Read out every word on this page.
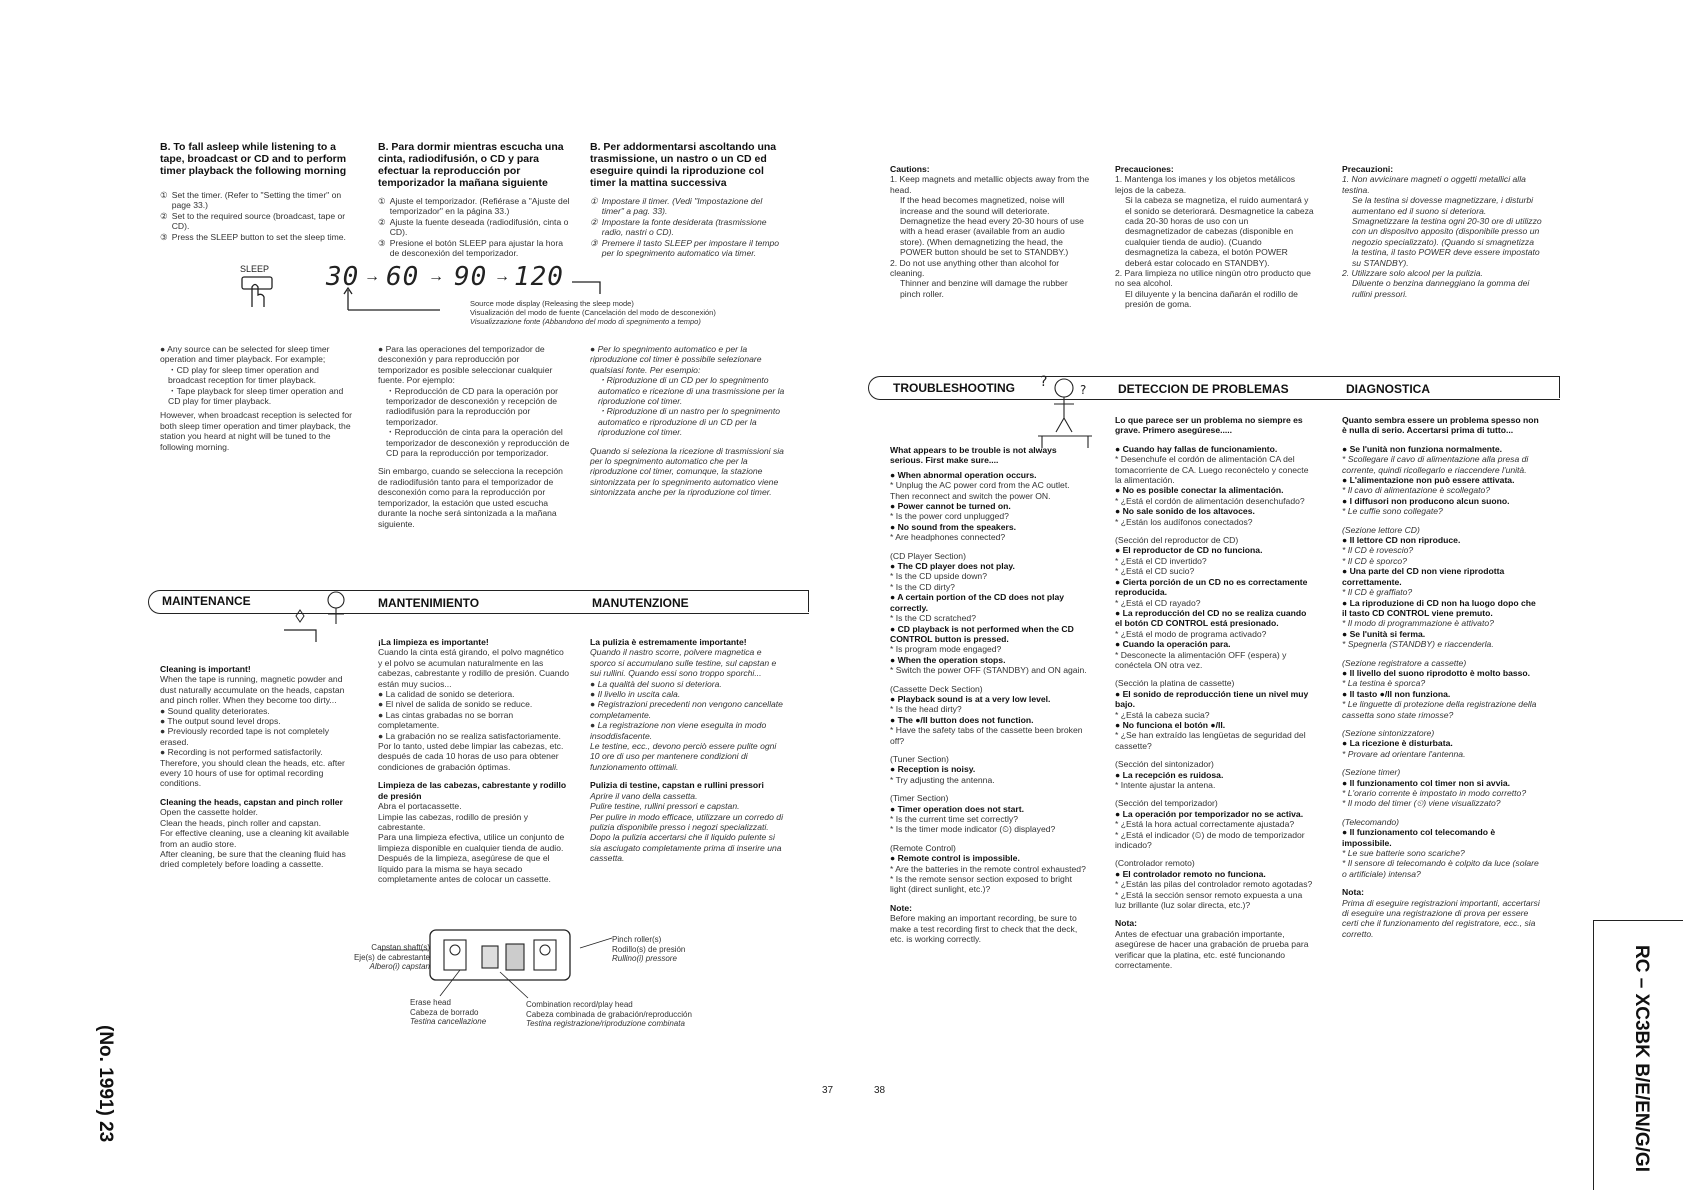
B. To fall asleep while listening to a tape, broadcast or CD and to perform timer playback the following morning
B. Para dormir mientras escucha una cinta, radiodifusión, o CD y para efectuar la reproducción por temporizador la mañana siguiente
B. Per addormentarsi ascoltando una trasmissione, un nastro o un CD ed eseguire quindi la riproduzione col timer la mattina successiva
① Set the timer. (Refer to "Setting the timer" on page 33.)
② Set to the required source (broadcast, tape or CD).
③ Press the SLEEP button to set the sleep time.
① Ajuste el temporizador. (Refiérase a "Ajuste del temporizador" en la página 33.)
② Ajuste la fuente deseada (radiodifusión, cinta o CD).
③ Presione el botón SLEEP para ajustar la hora de desconexión del temporizador.
① Impostare il timer. (Vedi "Impostazione del timer" a pag. 33).
② Impostare la fonte desiderata (trasmissione radio, nastri o CD).
③ Premere il tasto SLEEP per impostare il tempo per lo spegnimento automatico via timer.
SLEEP 30 → 60 → 90 → 120
Source mode display (Releasing the sleep mode)
Visualización del modo de fuente (Cancelación del modo de desconexión)
Visualizzazione fonte (Abbandono del modo di spegnimento a tempo)

● Any source can be selected for sleep timer operation and timer playback. For example;

・CD play for sleep timer operation and broadcast reception for timer playback.

・Tape playback for sleep timer operation and CD play for timer playback.

However, when broadcast reception is selected for both sleep timer operation and timer playback, the station you heard at night will be tuned to the following morning.

● Para las operaciones del temporizador de desconexión y para reproducción por temporizador es posible seleccionar cualquier fuente. Por ejemplo:

・Reproducción de CD para la operación por temporizador de desconexión y recepción de radiodifusión para la reproducción por temporizador.

・Reproducción de cinta para la operación del temporizador de desconexión y reproducción de CD para la reproducción por temporizador.

Sin embargo, cuando se selecciona la recepción de radiodifusión tanto para el temporizador de desconexión como para la reproducción por temporizador, la estación que usted escucha durante la noche será sintonizada a la mañana siguiente.

● Per lo spegnimento automatico e per la riproduzione col timer è possibile selezionare qualsiasi fonte. Per esempio:

・Riproduzione di un CD per lo spegnimento automatico e ricezione di una trasmissione per la riproduzione col timer.

・Riproduzione di un nastro per lo spegnimento automatico e riproduzione di un CD per la riproduzione col timer.

Quando si seleziona la ricezione di trasmissioni sia per lo spegnimento automatico che per la riproduzione col timer, comunque, la stazione sintonizzata per lo spegnimento automatico viene sintonizzata anche per la riproduzione col timer.

MAINTENANCE	MANTENIMIENTO	MANUTENZIONE

Cleaning is important!

When the tape is running, magnetic powder and dust naturally accumulate on the heads, capstan and pinch roller. When they become too dirty...

● Sound quality deteriorates.

● The output sound level drops.

● Previously recorded tape is not completely erased.

● Recording is not performed satisfactorily.

Therefore, you should clean the heads, etc. after every 10 hours of use for optimal recording conditions.

Cleaning the heads, capstan and pinch roller

Open the cassette holder.

Clean the heads, pinch roller and capstan.

For effective cleaning, use a cleaning kit available from an audio store.

After cleaning, be sure that the cleaning fluid has dried completely before loading a cassette.

¡La limpieza es importante!

Cuando la cinta está girando, el polvo magnético y el polvo se acumulan naturalmente en las cabezas, cabrestante y rodillo de presión. Cuando están muy sucios...

● La calidad de sonido se deteriora.

● El nivel de salida de sonido se reduce.

● Las cintas grabadas no se borran completamente.

● La grabación no se realiza satisfactoriamente.

Por lo tanto, usted debe limpiar las cabezas, etc. después de cada 10 horas de uso para obtener condiciones de grabación óptimas.

Limpieza de las cabezas, cabrestante y rodillo de presión

Abra el portacassette.

Limpie las cabezas, rodillo de presión y cabrestante.

Para una limpieza efectiva, utilice un conjunto de limpieza disponible en cualquier tienda de audio.

Después de la limpieza, asegúrese de que el líquido para la misma se haya secado completamente antes de colocar un cassette.

La pulizia è estremamente importante!

Quando il nastro scorre, polvere magnetica e sporco si accumulano sulle testine, sul capstan e sui rullini. Quando essi sono troppo sporchi...

● La qualità del suono si deteriora.

● Il livello in uscita cala.

● Registrazioni precedenti non vengono cancellate completamente.

● La registrazione non viene eseguita in modo insoddisfacente.

Le testine, ecc., devono perciò essere pulite ogni 10 ore di uso per mantenere condizioni di funzionamento ottimali.

Pulizia di testine, capstan e rullini pressori

Aprire il vano della cassetta.

Pulire testine, rullini pressori e capstan.

Per pulire in modo efficace, utilizzare un corredo di pulizia disponibile presso i negozi specializzati.

Dopo la pulizia accertarsi che il liquido pulente si sia asciugato completamente prima di inserire una cassetta.

Capstan shaft(s)
Eje(s) de cabrestante
Albero(i) capstan
Pinch roller(s)
Rodillo(s) de presión
Rullino(i) pressore
Erase head
Cabeza de borrado
Testina cancellazione
Combination record/play head
Cabeza combinada de grabación/reproducción
Testina registrazione/riproduzione combinata
37

Cautions:

1. Keep magnets and metallic objects away from the head.

If the head becomes magnetized, noise will increase and the sound will deteriorate. Demagnetize the head every 20-30 hours of use with a head eraser (available from an audio store). (When demagnetizing the head, the POWER button should be set to STANDBY.)

2. Do not use anything other than alcohol for cleaning.

Thinner and benzine will damage the rubber pinch roller.

Precauciones:

1. Mantenga los imanes y los objetos metálicos lejos de la cabeza.

Si la cabeza se magnetiza, el ruido aumentará y el sonido se deteriorará. Desmagnetice la cabeza cada 20-30 horas de uso con un desmagnetizador de cabezas (disponible en cualquier tienda de audio). (Cuando desmagnetiza la cabeza, el botón POWER deberá estar colocado en STANDBY).

2. Para limpieza no utilice ningún otro producto que no sea alcohol.

El diluyente y la bencina dañarán el rodillo de presión de goma.

Precauzioni:

1. Non avvicinare magneti o oggetti metallici alla testina.

Se la testina si dovesse magnetizzare, i disturbi aumentano ed il suono si deteriora. Smagnetizzare la testina ogni 20-30 ore di utilizzo con un dispositvo apposito (disponibile presso un negozio specializzato). (Quando si smagnetizza la testina, il tasto POWER deve essere impostato su STANDBY).

2. Utilizzare solo alcool per la pulizia.

Diluente o benzina danneggiano la gomma dei rullini pressori.

TROUBLESHOOTING	DETECCION DE PROBLEMAS	DIAGNOSTICA
?	?

What appears to be trouble is not always serious. First make sure....

● When abnormal operation occurs.

* Unplug the AC power cord from the AC outlet. Then reconnect and switch the power ON.

● Power cannot be turned on.

* Is the power cord unplugged?

● No sound from the speakers.

* Are headphones connected?

(CD Player Section)

● The CD player does not play.

* Is the CD upside down?

* Is the CD dirty?

● A certain portion of the CD does not play correctly.

* Is the CD scratched?

● CD playback is not performed when the CD CONTROL button is pressed.

* Is program mode engaged?

● When the operation stops.

* Switch the power OFF (STANDBY) and ON again.

(Cassette Deck Section)

● Playback sound is at a very low level.

* Is the head dirty?

● The ●/II button does not function.

* Have the safety tabs of the cassette been broken off?

(Tuner Section)

● Reception is noisy.

* Try adjusting the antenna.

(Timer Section)

● Timer operation does not start.

* Is the current time set correctly?

* Is the timer mode indicator (⏲) displayed?

(Remote Control)

● Remote control is impossible.

* Are the batteries in the remote control exhausted?

* Is the remote sensor section exposed to bright light (direct sunlight, etc.)?

Note:

Before making an important recording, be sure to make a test recording first to check that the deck, etc. is working correctly.

Lo que parece ser un problema no siempre es grave. Primero asegúrese.....

● Cuando hay fallas de funcionamiento.

* Desenchufe el cordón de alimentación CA del tomacorriente de CA. Luego reconéctelo y conecte la alimentación.

● No es posible conectar la alimentación.

* ¿Está el cordón de alimentación desenchufado?

● No sale sonido de los altavoces.

* ¿Están los audífonos conectados?

(Sección del reproductor de CD)

● El reproductor de CD no funciona.

* ¿Está el CD invertido?

* ¿Está el CD sucio?

● Cierta porción de un CD no es correctamente reproducida.

* ¿Está el CD rayado?

● La reproducción del CD no se realiza cuando el botón CD CONTROL está presionado.

* ¿Está el modo de programa activado?

● Cuando la operación para.

* Desconecte la alimentación OFF (espera) y conéctela ON otra vez.

(Sección la platina de cassette)

● El sonido de reproducción tiene un nivel muy bajo.

* ¿Está la cabeza sucia?

● No funciona el botón ●/II.

* ¿Se han extraído las lengüetas de seguridad del cassette?

(Sección del sintonizador)

● La recepción es ruidosa.

* Intente ajustar la antena.

(Sección del temporizador)

● La operación por temporizador no se activa.

* ¿Está la hora actual correctamente ajustada?

* ¿Está el indicador (⏲) de modo de temporizador indicado?

(Controlador remoto)

● El controlador remoto no funciona.

* ¿Están las pilas del controlador remoto agotadas?

* ¿Está la sección sensor remoto expuesta a una luz brillante (luz solar directa, etc.)?

Nota:

Antes de efectuar una grabación importante, asegúrese de hacer una grabación de prueba para verificar que la platina, etc. esté funcionando correctamente.

Quanto sembra essere un problema spesso non è nulla di serio. Accertarsi prima di tutto...

● Se l'unità non funziona normalmente.

* Scollegare il cavo di alimentazione alla presa di corrente, quindi ricollegarlo e riaccendere l'unità.

● L'alimentazione non può essere attivata.

* Il cavo di alimentazione è scollegato?

● I diffusori non producono alcun suono.

* Le cuffie sono collegate?

(Sezione lettore CD)

● Il lettore CD non riproduce.

* Il CD è rovescio?

* Il CD è sporco?

● Una parte del CD non viene riprodotta correttamente.

* Il CD è graffiato?

● La riproduzione di CD non ha luogo dopo che il tasto CD CONTROL viene premuto.

* Il modo di programmazione è attivato?

● Se l'unità si ferma.

* Spegnerla (STANDBY) e riaccenderla.

(Sezione registratore a cassette)

● Il livello del suono riprodotto è molto basso.

* La testina è sporca?

● Il tasto ●/II non funziona.

* Le linguette di protezione della registrazione della cassetta sono state rimosse?

(Sezione sintonizzatore)

● La ricezione è disturbata.

* Provare ad orientare l'antenna.

(Sezione timer)

● Il funzionamento col timer non si avvia.

* L'orario corrente è impostato in modo corretto?

* Il modo del timer (⏲) viene visualizzato?

(Telecomando)

● Il funzionamento col telecomando è impossibile.

* Le sue batterie sono scariche?

* Il sensore di telecomando è colpito da luce (solare o artificiale) intensa?

Nota:

Prima di eseguire registrazioni importanti, accertarsi di eseguire una registrazione di prova per essere certi che il funzionamento del registratore, ecc., sia corretto.

38
(No. 1991) 23	RC – XC3BK B/E/EN/G/GI
